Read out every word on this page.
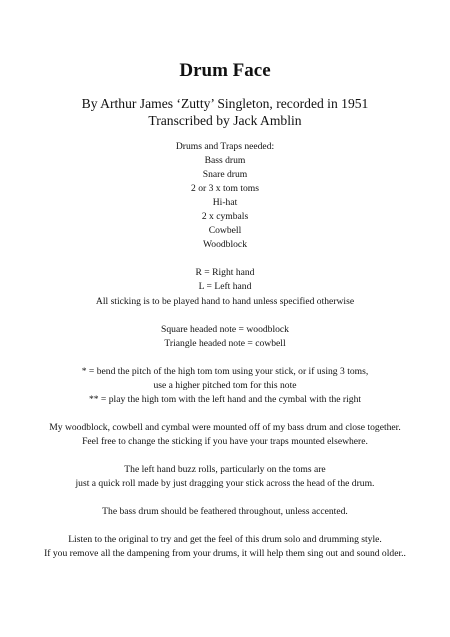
Drum Face
By Arthur James ‘Zutty’ Singleton, recorded in 1951
Transcribed by Jack Amblin
Drums and Traps needed:
Bass drum
Snare drum
2 or 3 x tom toms
Hi-hat
2 x cymbals
Cowbell
Woodblock
R = Right hand
L = Left hand
All sticking is to be played hand to hand unless specified otherwise
Square headed note = woodblock
Triangle headed note = cowbell
* = bend the pitch of the high tom tom using your stick, or if using 3 toms,
use a higher pitched tom for this note
** = play the high tom with the left hand and the cymbal with the right
My woodblock, cowbell and cymbal were mounted off of my bass drum and close together.
Feel free to change the sticking if you have your traps mounted elsewhere.
The left hand buzz rolls, particularly on the toms are
just a quick roll made by just dragging your stick across the head of the drum.
The bass drum should be feathered throughout, unless accented.
Listen to the original to try and get the feel of this drum solo and drumming style.
If you remove all the dampening from your drums, it will help them sing out and sound older..
